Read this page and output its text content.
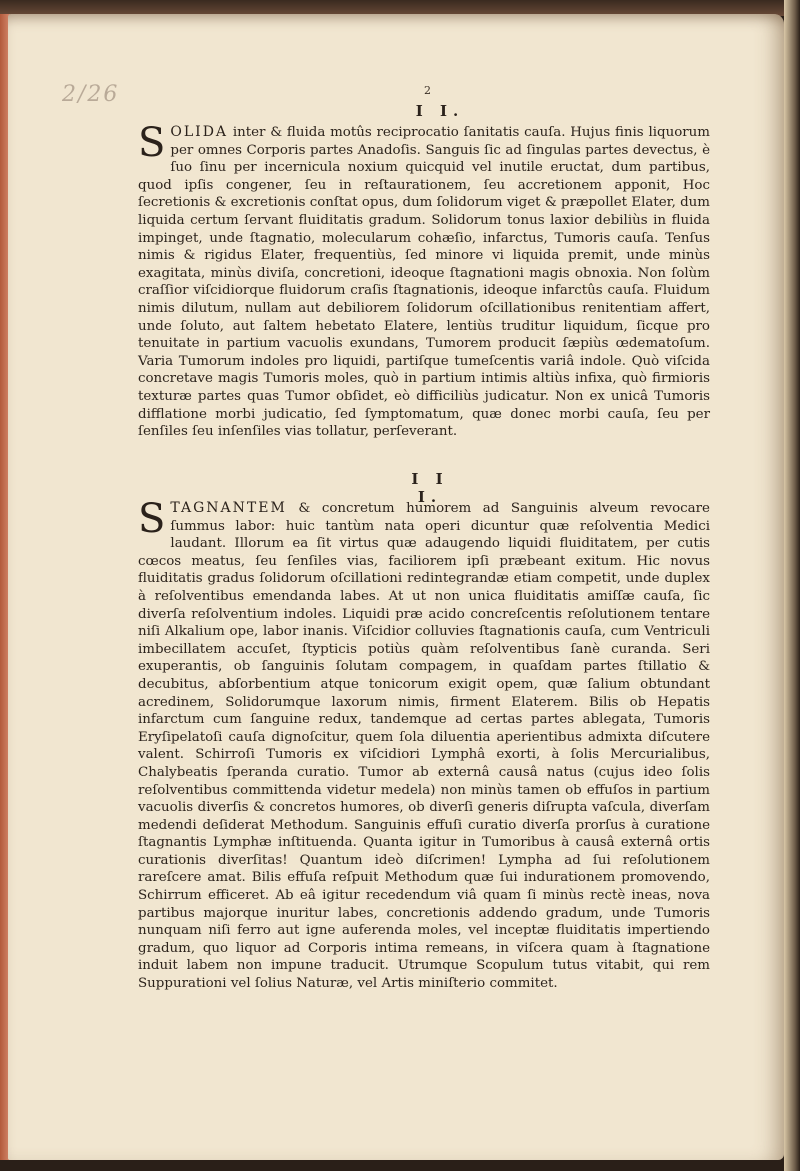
2/26	2
I I.
SOLIDA inter & fluida motûs reciprocatio ſanitatis cauſa. Hujus finis liquorum per omnes Corporis partes Anadoſis. Sanguis ſic ad ſingulas partes devectus, è ſuo ſinu per incernicula noxium quicquid vel inutile eructat, dum partibus, quod ipſis congener, ſeu in reſtaurationem, ſeu accretionem apponit, Hoc ſecretionis & excretionis conſtat opus, dum ſolidorum viget & præpollet Elater, dum liquida certum ſervant fluiditatis gradum. Solidorum tonus laxior debiliùs in fluida impinget, unde ſtagnatio, molecularum cohæſio, infarctus, Tumoris cauſa. Tenſus nimis & rigidus Elater, frequentiùs, ſed minore vi liquida premit, unde minùs exagitata, minùs diviſa, concretioni, ideoque ſtagnationi magis obnoxia. Non ſolùm craſſior viſcidiorque fluidorum craſis ſtagnationis, ideoque infarctûs cauſa. Fluidum nimis dilutum, nullam aut debiliorem ſolidorum oſcillationibus renitentiam affert, unde ſoluto, aut ſaltem hebetato Elatere, lentiùs truditur liquidum, ſicque pro tenuitate in partium vacuolis exundans, Tumorem producit ſæpiùs œdematoſum. Varia Tumorum indoles pro liquidi, partiſque tumeſcentis variâ indole. Quò viſcida concretave magis Tumoris moles, quò in partium intimis altiùs infixa, quò firmioris texturæ partes quas Tumor obſidet, eò difficiliùs judicatur. Non ex unicâ Tumoris difflatione morbi judicatio, ſed ſymptomatum, quæ donec morbi cauſa, ſeu per ſenſiles ſeu inſenſiles vias tollatur, perſeverant.
I I I.
STAGNANTEM & concretum humorem ad Sanguinis alveum revocare ſummus labor: huic tantùm nata operi dicuntur quæ reſolventia Medici laudant. Illorum ea ſit virtus quæ adaugendo liquidi fluiditatem, per cutis cœcos meatus, ſeu ſenſiles vias, faciliorem ipſi præbeant exitum. Hic novus fluiditatis gradus ſolidorum oſcillationi redintegrandæ etiam competit, unde duplex à reſolventibus emendanda labes. At ut non unica fluiditatis amiſſæ cauſa, ſic diverſa reſolventium indoles. Liquidi præ acido concreſcentis reſolutionem tentare niſi Alkalium ope, labor inanis. Viſcidior colluvies ſtagnationis cauſa, cum Ventriculi imbecillatem accuſet, ſtypticis potiùs quàm reſolventibus ſanè curanda. Seri exuperantis, ob ſanguinis ſolutam compagem, in quaſdam partes ſtillatio & decubitus, abſorbentium atque tonicorum exigit opem, quæ ſalium obtundant acredinem, Solidorumque laxorum nimis, firment Elaterem. Bilis ob Hepatis infarctum cum ſanguine redux, tandemque ad certas partes ablegata, Tumoris Eryſipelatoſi cauſa dignoſcitur, quem ſola diluentia aperientibus admixta diſcutere valent. Schirroſi Tumoris ex viſcidiori Lymphâ exorti, à ſolis Mercurialibus, Chalybeatis ſperanda curatio. Tumor ab externâ causâ natus (cujus ideo ſolis reſolventibus committenda videtur medela) non minùs tamen ob effuſos in partium vacuolis diverſis & concretos humores, ob diverſi generis diſrupta vaſcula, diverſam medendi deſiderat Methodum. Sanguinis effuſi curatio diverſa prorſus à curatione ſtagnantis Lymphæ inſtituenda. Quanta igitur in Tumoribus à causâ externâ ortis curationis diverſitas! Quantum ideò diſcrimen! Lympha ad ſui reſolutionem rareſcere amat. Bilis effuſa reſpuit Methodum quæ ſui indurationem promovendo, Schirrum efficeret. Ab eâ igitur recedendum viâ quam ſi minùs rectè ineas, nova partibus majorque inuritur labes, concretionis addendo gradum, unde Tumoris nunquam niſi ferro aut igne auferenda moles, vel inceptæ fluiditatis impertiendo gradum, quo liquor ad Corporis intima remeans, in viſcera quam à ſtagnatione induit labem non impune traducit. Utrumque Scopulum tutus vitabit, qui rem Suppurationi vel ſolius Naturæ, vel Artis miniſterio commitet.
